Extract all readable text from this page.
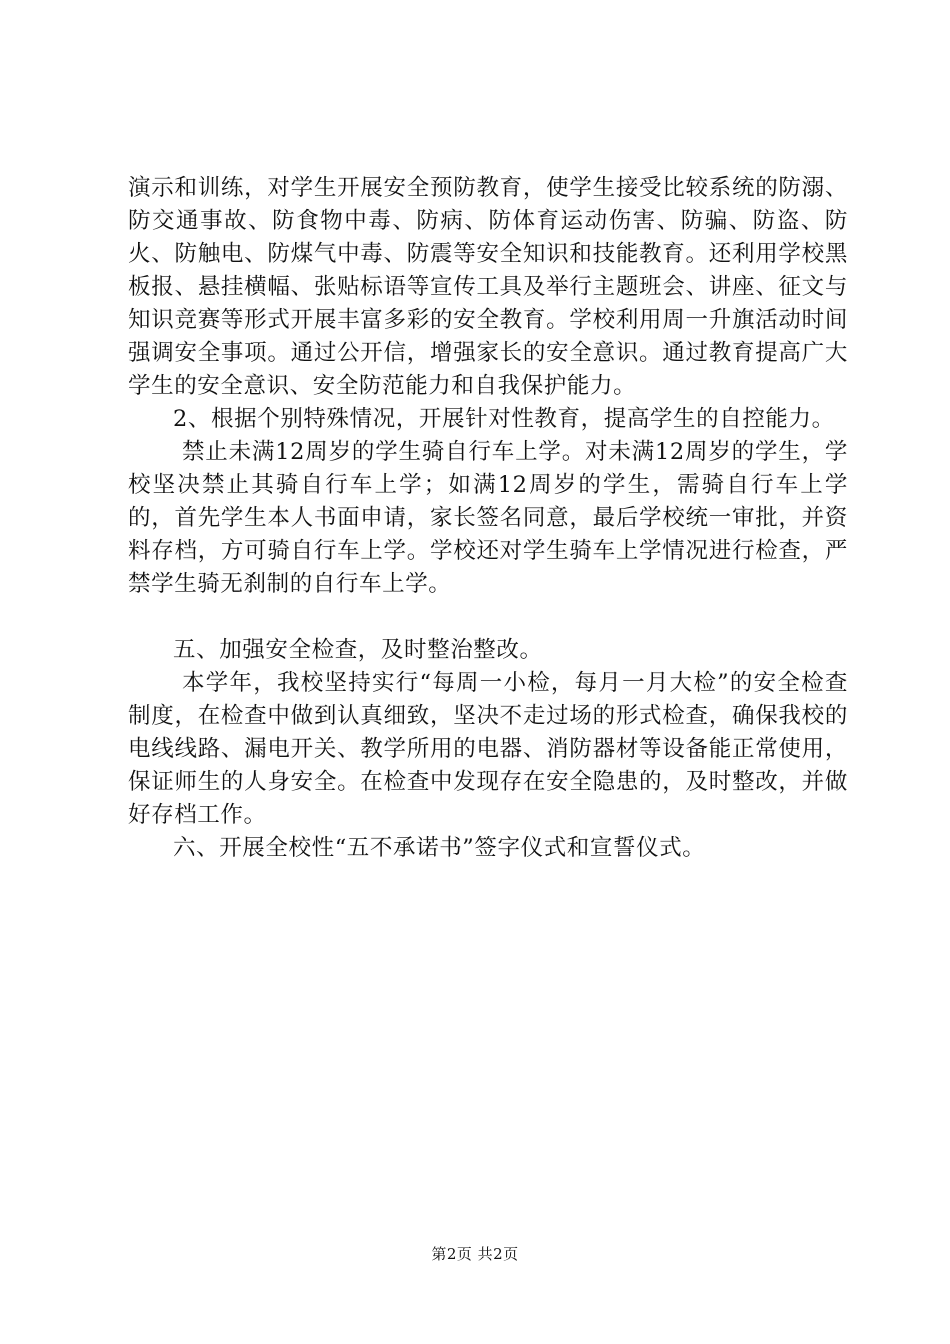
演示和训练，对学生开展安全预防教育，使学生接受比较系统的防溺、防交通事故、防食物中毒、防病、防体育运动伤害、防骗、防盗、防火、防触电、防煤气中毒、防震等安全知识和技能教育。还利用学校黑板报、悬挂横幅、张贴标语等宣传工具及举行主题班会、讲座、征文与知识竞赛等形式开展丰富多彩的安全教育。学校利用周一升旗活动时间强调安全事项。通过公开信，增强家长的安全意识。通过教育提高广大学生的安全意识、安全防范能力和自我保护能力。

2、根据个别特殊情况，开展针对性教育，提高学生的自控能力。

禁止未满12周岁的学生骑自行车上学。对未满12周岁的学生，学校坚决禁止其骑自行车上学；如满12周岁的学生，需骑自行车上学的，首先学生本人书面申请，家长签名同意，最后学校统一审批，并资料存档，方可骑自行车上学。学校还对学生骑车上学情况进行检查，严禁学生骑无刹制的自行车上学。

五、加强安全检查，及时整治整改。

本学年，我校坚持实行“每周一小检，每月一月大检”的安全检查制度，在检查中做到认真细致，坚决不走过场的形式检查，确保我校的电线线路、漏电开关、教学所用的电器、消防器材等设备能正常使用，保证师生的人身安全。在检查中发现存在安全隐患的，及时整改，并做好存档工作。

六、开展全校性“五不承诺书”签字仪式和宣誓仪式。

第2页 共2页
